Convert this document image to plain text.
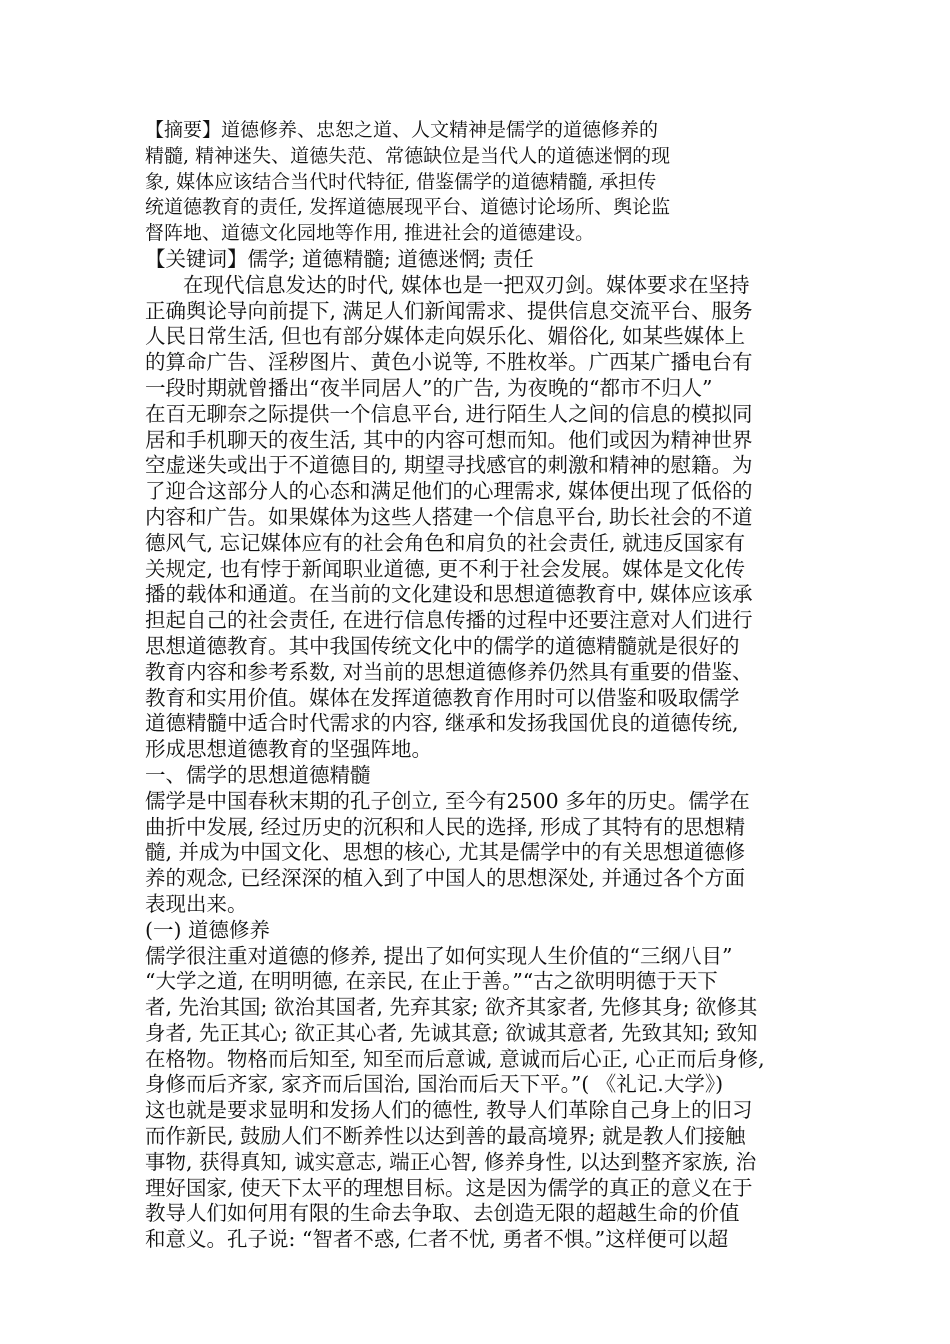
【摘要】道德修养、忠恕之道、人文精神是儒学的道德修养的
精髓, 精神迷失、道德失范、常德缺位是当代人的道德迷惘的现
象, 媒体应该结合当代时代特征, 借鉴儒学的道德精髓, 承担传
统道德教育的责任, 发挥道德展现平台、道德讨论场所、舆论监
督阵地、道德文化园地等作用, 推进社会的道德建设。
【关键词】儒学; 道德精髓; 道德迷惘; 责任
在现代信息发达的时代, 媒体也是一把双刃剑。媒体要求在坚持
正确舆论导向前提下, 满足人们新闻需求、提供信息交流平台、服务
人民日常生活, 但也有部分媒体走向娱乐化、媚俗化, 如某些媒体上
的算命广告、淫秽图片、黄色小说等, 不胜枚举。广西某广播电台有
一段时期就曾播出“夜半同居人”的广告, 为夜晚的“都市不归人”
在百无聊奈之际提供一个信息平台, 进行陌生人之间的信息的模拟同
居和手机聊天的夜生活, 其中的内容可想而知。他们或因为精神世界
空虚迷失或出于不道德目的, 期望寻找感官的刺激和精神的慰籍。为
了迎合这部分人的心态和满足他们的心理需求, 媒体便出现了低俗的
内容和广告。如果媒体为这些人搭建一个信息平台, 助长社会的不道
德风气, 忘记媒体应有的社会角色和肩负的社会责任, 就违反国家有
关规定, 也有悖于新闻职业道德, 更不利于社会发展。媒体是文化传
播的载体和通道。在当前的文化建设和思想道德教育中, 媒体应该承
担起自己的社会责任, 在进行信息传播的过程中还要注意对人们进行
思想道德教育。其中我国传统文化中的儒学的道德精髓就是很好的
教育内容和参考系数, 对当前的思想道德修养仍然具有重要的借鉴、
教育和实用价值。媒体在发挥道德教育作用时可以借鉴和吸取儒学
道德精髓中适合时代需求的内容, 继承和发扬我国优良的道德传统,
形成思想道德教育的坚强阵地。
一、儒学的思想道德精髓
儒学是中国春秋末期的孔子创立, 至今有2500 多年的历史。儒学在
曲折中发展, 经过历史的沉积和人民的选择, 形成了其特有的思想精
髓, 并成为中国文化、思想的核心, 尤其是儒学中的有关思想道德修
养的观念, 已经深深的植入到了中国人的思想深处, 并通过各个方面
表现出来。
(一) 道德修养
儒学很注重对道德的修养, 提出了如何实现人生价值的“三纲八目”
“大学之道, 在明明德, 在亲民, 在止于善。”“古之欲明明德于天下
者, 先治其国; 欲治其国者, 先弃其家; 欲齐其家者, 先修其身; 欲修其
身者, 先正其心; 欲正其心者, 先诚其意; 欲诚其意者, 先致其知; 致知
在格物。物格而后知至, 知至而后意诚, 意诚而后心正, 心正而后身修,
身修而后齐家, 家齐而后国治, 国治而后天下平。”( 《礼记.大学》)
这也就是要求显明和发扬人们的德性, 教导人们革除自己身上的旧习
而作新民, 鼓励人们不断养性以达到善的最高境界; 就是教人们接触
事物, 获得真知, 诚实意志, 端正心智, 修养身性, 以达到整齐家族, 治
理好国家, 使天下太平的理想目标。这是因为儒学的真正的意义在于
教导人们如何用有限的生命去争取、去创造无限的超越生命的价值
和意义。孔子说: “智者不惑, 仁者不忧, 勇者不惧。”这样便可以超
